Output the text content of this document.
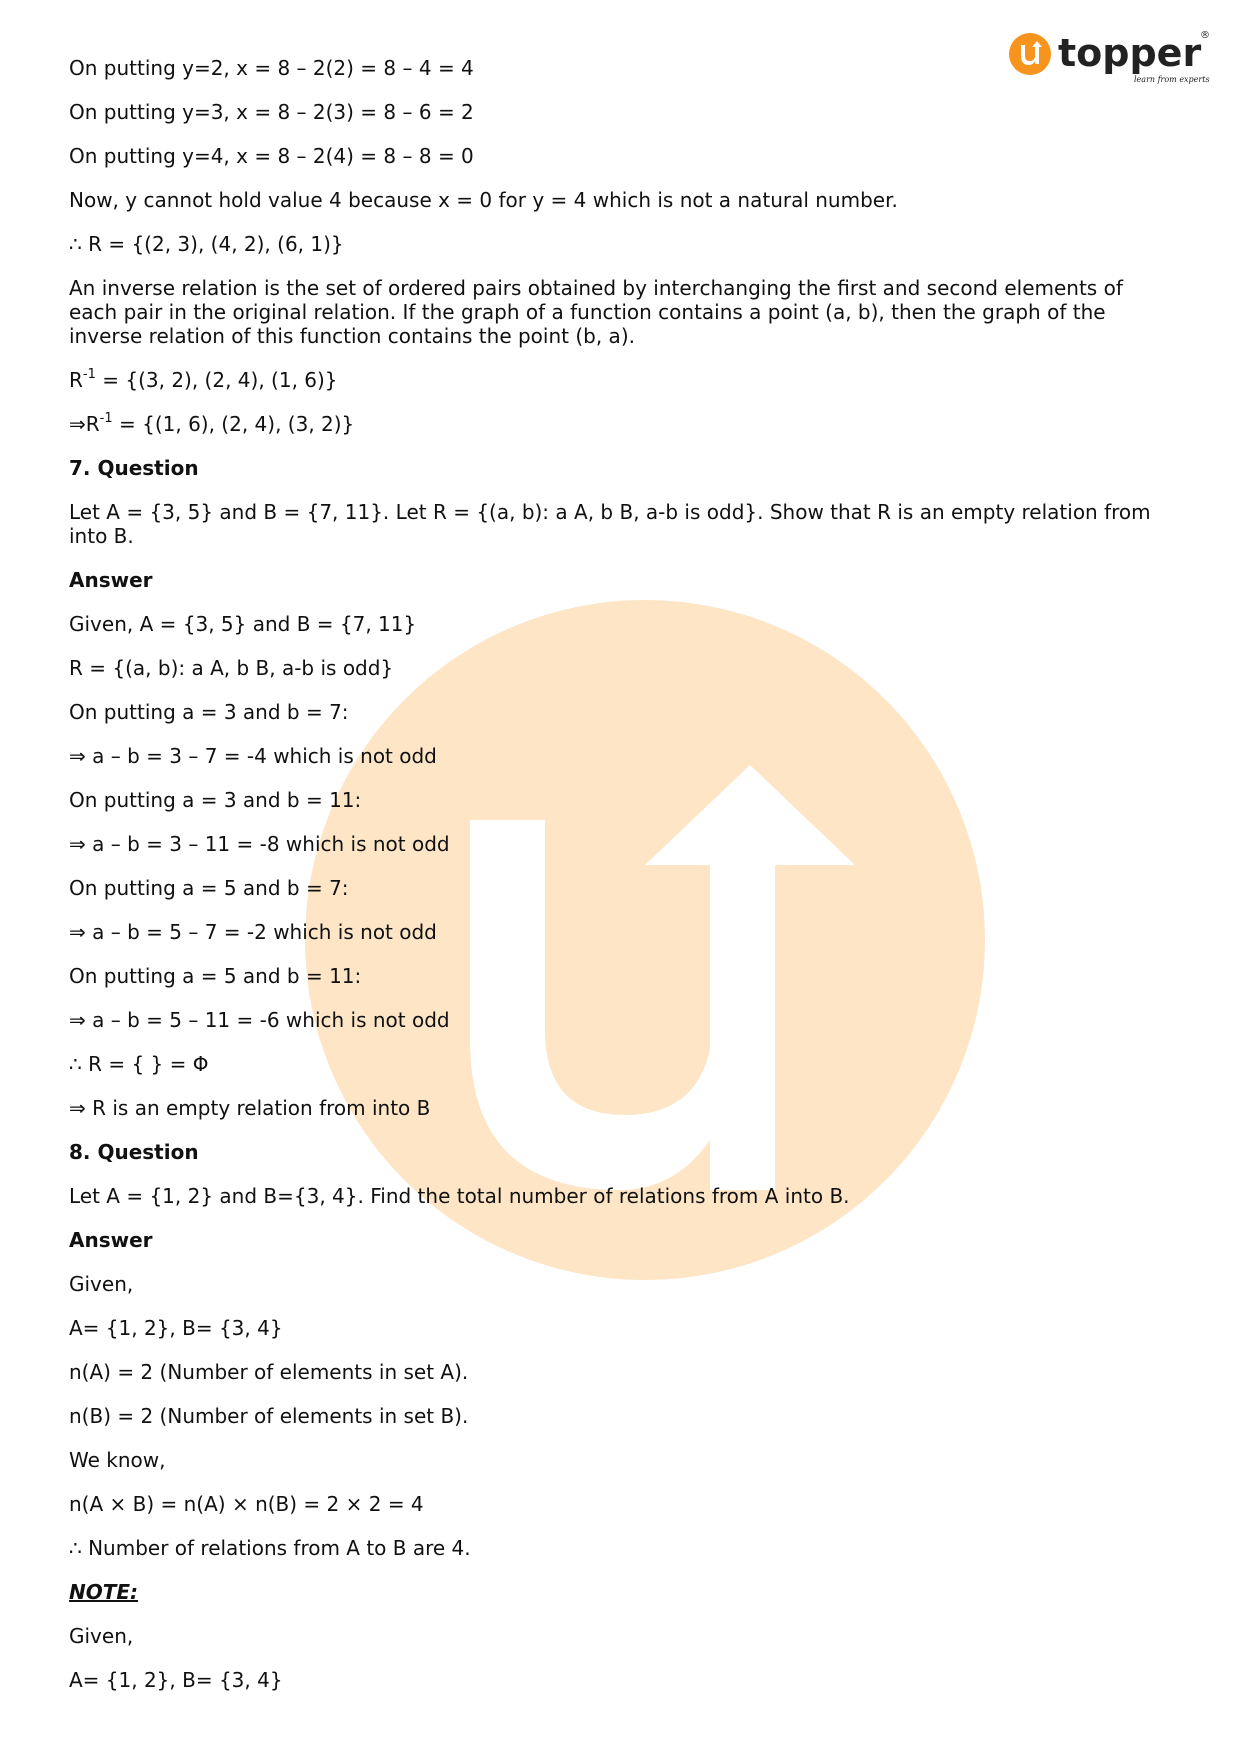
topper
learn from experts
®

On putting y=2, x = 8 – 2(2) = 8 – 4 = 4

On putting y=3, x = 8 – 2(3) = 8 – 6 = 2

On putting y=4, x = 8 – 2(4) = 8 – 8 = 0

Now, y cannot hold value 4 because x = 0 for y = 4 which is not a natural number.

∴ R = {(2, 3), (4, 2), (6, 1)}

An inverse relation is the set of ordered pairs obtained by interchanging the first and second elements of each pair in the original relation. If the graph of a function contains a point (a, b), then the graph of the inverse relation of this function contains the point (b, a).

$R^{-1} = \{(3$, 2), (2, 4), (1, 6)}

$\Rightarrow R^{-1} = \{(1$, 6), (2, 4), (3, 2)}

7. Question

Let A = {3, 5} and B = {7, 11}. Let R = {(a, b): a A, b B, a-b is odd}. Show that R is an empty relation from into B.

Answer

Given, A = {3, 5} and B = {7, 11}

R = {(a, b): a A, b B, a-b is odd}

On putting a = 3 and b = 7:

⇒ a – b = 3 – 7 = -4 which is not odd

On putting a = 3 and b = 11:

⇒ a – b = 3 – 11 = -8 which is not odd

On putting a = 5 and b = 7:

⇒ a – b = 5 – 7 = -2 which is not odd

On putting a = 5 and b = 11:

⇒ a – b = 5 – 11 = -6 which is not odd

∴ R = { } = Φ

⇒ R is an empty relation from into B

8. Question

Let A = {1, 2} and B={3, 4}. Find the total number of relations from A into B.

Answer

Given,

A= {1, 2}, B= {3, 4}

n(A) = 2 (Number of elements in set A).

n(B) = 2 (Number of elements in set B).

We know,

n(A × B) = n(A) × n(B) = 2 × 2 = 4

∴ Number of relations from A to B are 4.

NOTE:

Given,

A= {1, 2}, B= {3, 4}
